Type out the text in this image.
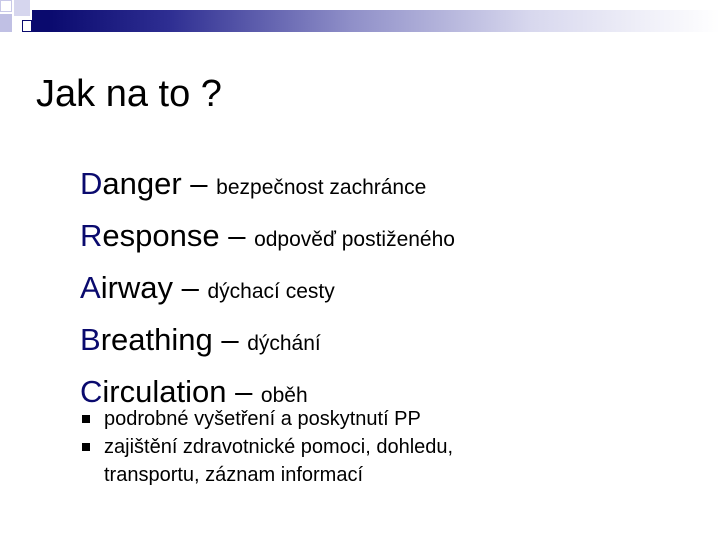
Jak na to ?
Danger – bezpečnost zachránce
Response – odpověď postiženého
Airway – dýchací cesty
Breathing – dýchání
Circulation – oběh
podrobné vyšetření a poskytnutí PP
zajištění zdravotnické pomoci, dohledu, transportu, záznam informací
